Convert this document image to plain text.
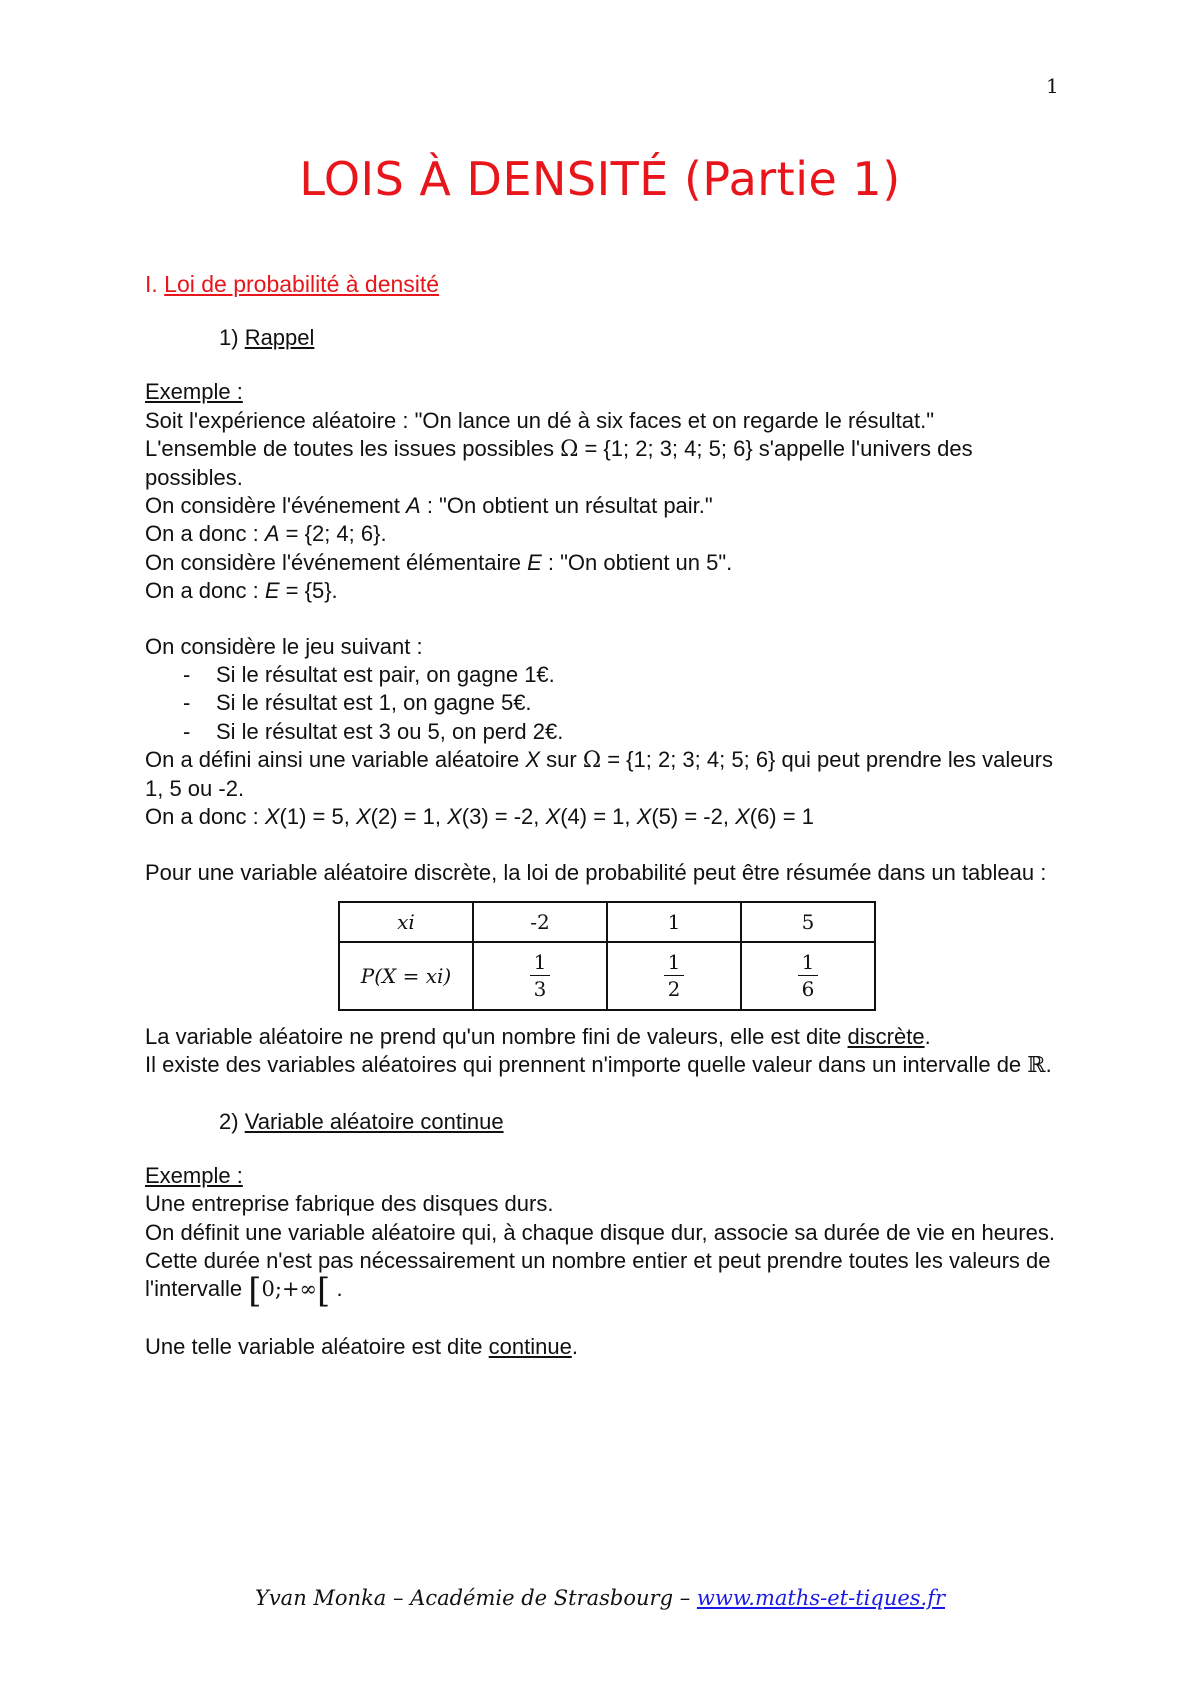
1
LOIS À DENSITÉ (Partie 1)
I. Loi de probabilité à densité
1) Rappel

Exemple :

Soit l'expérience aléatoire : "On lance un dé à six faces et on regarde le résultat."

L'ensemble de toutes les issues possibles Ω = {1; 2; 3; 4; 5; 6} s'appelle l'univers des possibles.

On considère l'événement A : "On obtient un résultat pair."

On a donc : A = {2; 4; 6}.

On considère l'événement élémentaire E : "On obtient un 5".

On a donc : E = {5}.

On considère le jeu suivant :

- Si le résultat est pair, on gagne 1€.
- Si le résultat est 1, on gagne 5€.
- Si le résultat est 3 ou 5, on perd 2€.

On a défini ainsi une variable aléatoire X sur Ω = {1; 2; 3; 4; 5; 6} qui peut prendre les valeurs 1, 5 ou -2.

On a donc : X(1) = 5, X(2) = 1, X(3) = -2, X(4) = 1, X(5) = -2, X(6) = 1

Pour une variable aléatoire discrète, la loi de probabilité peut être résumée dans un tableau :

xi	-2	1	5
P(X = xi)	$\frac{1}{3}$	$\frac{1}{2}$	$\frac{1}{6}$

La variable aléatoire ne prend qu'un nombre fini de valeurs, elle est dite discrète.

Il existe des variables aléatoires qui prennent n'importe quelle valeur dans un intervalle de ℝ.

2) Variable aléatoire continue

Exemple :

Une entreprise fabrique des disques durs.

On définit une variable aléatoire qui, à chaque disque dur, associe sa durée de vie en heures. Cette durée n'est pas nécessairement un nombre entier et peut prendre toutes les valeurs de l'intervalle [0;+∞[ .

Une telle variable aléatoire est dite continue.

Yvan Monka – Académie de Strasbourg – www.maths-et-tiques.fr
